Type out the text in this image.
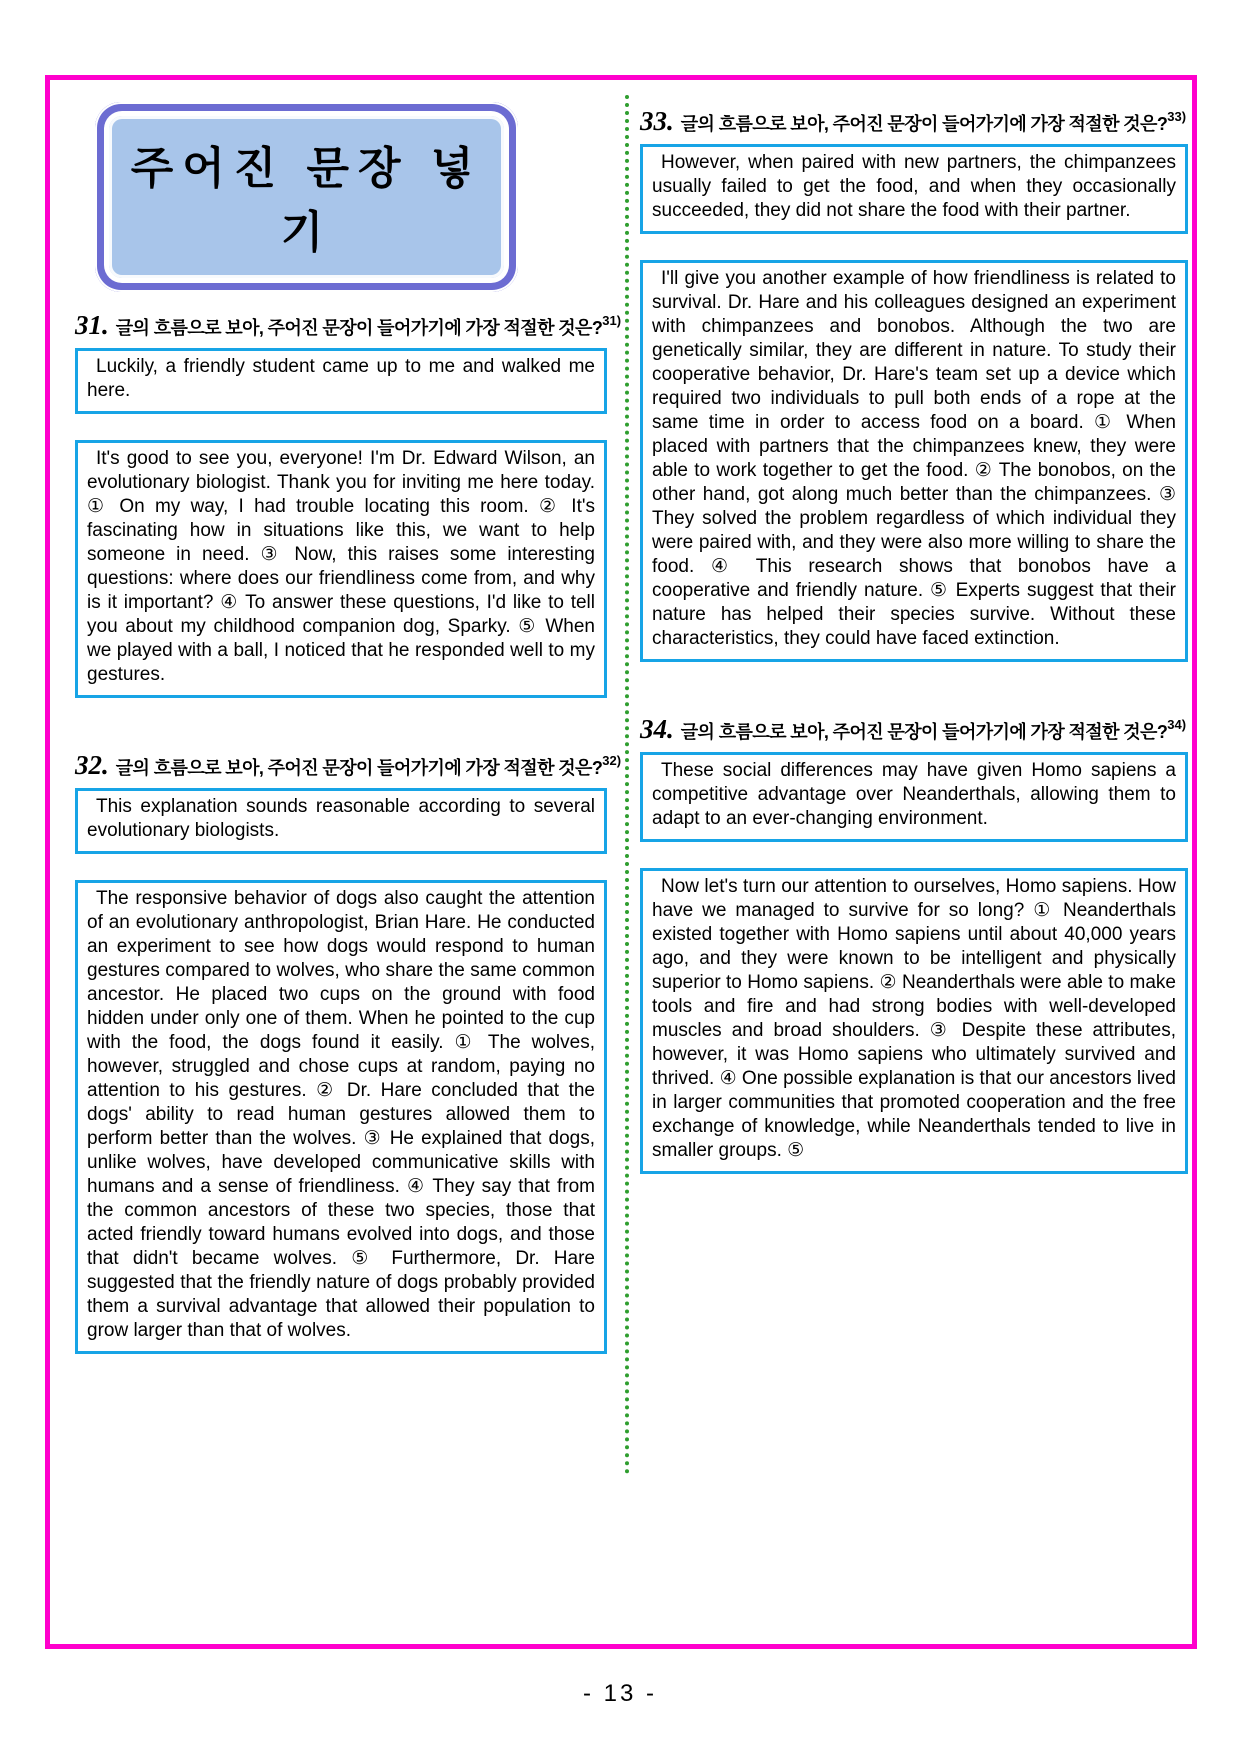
주어진 문장 넣기
31. 글의 흐름으로 보아, 주어진 문장이 들어가기에 가장 적절한 것은?$^{31)}$

Luckily, a friendly student came up to me and walked me here.

It's good to see you, everyone! I'm Dr. Edward Wilson, an evolutionary biologist. Thank you for inviting me here today. ① On my way, I had trouble locating this room. ② It's fascinating how in situations like this, we want to help someone in need. ③ Now, this raises some interesting questions: where does our friendliness come from, and why is it important? ④ To answer these questions, I'd like to tell you about my childhood companion dog, Sparky. ⑤ When we played with a ball, I noticed that he responded well to my gestures.

32. 글의 흐름으로 보아, 주어진 문장이 들어가기에 가장 적절한 것은?$^{32)}$

This explanation sounds reasonable according to several evolutionary biologists.

The responsive behavior of dogs also caught the attention of an evolutionary anthropologist, Brian Hare. He conducted an experiment to see how dogs would respond to human gestures compared to wolves, who share the same common ancestor. He placed two cups on the ground with food hidden under only one of them. When he pointed to the cup with the food, the dogs found it easily. ① The wolves, however, struggled and chose cups at random, paying no attention to his gestures. ② Dr. Hare concluded that the dogs' ability to read human gestures allowed them to perform better than the wolves. ③ He explained that dogs, unlike wolves, have developed communicative skills with humans and a sense of friendliness. ④ They say that from the common ancestors of these two species, those that acted friendly toward humans evolved into dogs, and those that didn't became wolves. ⑤ Furthermore, Dr. Hare suggested that the friendly nature of dogs probably provided them a survival advantage that allowed their population to grow larger than that of wolves.

33. 글의 흐름으로 보아, 주어진 문장이 들어가기에 가장 적절한 것은?$^{33)}$

However, when paired with new partners, the chimpanzees usually failed to get the food, and when they occasionally succeeded, they did not share the food with their partner.

I'll give you another example of how friendliness is related to survival. Dr. Hare and his colleagues designed an experiment with chimpanzees and bonobos. Although the two are genetically similar, they are different in nature. To study their cooperative behavior, Dr. Hare's team set up a device which required two individuals to pull both ends of a rope at the same time in order to access food on a board. ① When placed with partners that the chimpanzees knew, they were able to work together to get the food. ② The bonobos, on the other hand, got along much better than the chimpanzees. ③ They solved the problem regardless of which individual they were paired with, and they were also more willing to share the food. ④ This research shows that bonobos have a cooperative and friendly nature. ⑤ Experts suggest that their nature has helped their species survive. Without these characteristics, they could have faced extinction.

34. 글의 흐름으로 보아, 주어진 문장이 들어가기에 가장 적절한 것은?$^{34)}$

These social differences may have given Homo sapiens a competitive advantage over Neanderthals, allowing them to adapt to an ever-changing environment.

Now let's turn our attention to ourselves, Homo sapiens. How have we managed to survive for so long? ① Neanderthals existed together with Homo sapiens until about 40,000 years ago, and they were known to be intelligent and physically superior to Homo sapiens. ② Neanderthals were able to make tools and fire and had strong bodies with well-developed muscles and broad shoulders. ③ Despite these attributes, however, it was Homo sapiens who ultimately survived and thrived. ④ One possible explanation is that our ancestors lived in larger communities that promoted cooperation and the free exchange of knowledge, while Neanderthals tended to live in smaller groups. ⑤

- 13 -
